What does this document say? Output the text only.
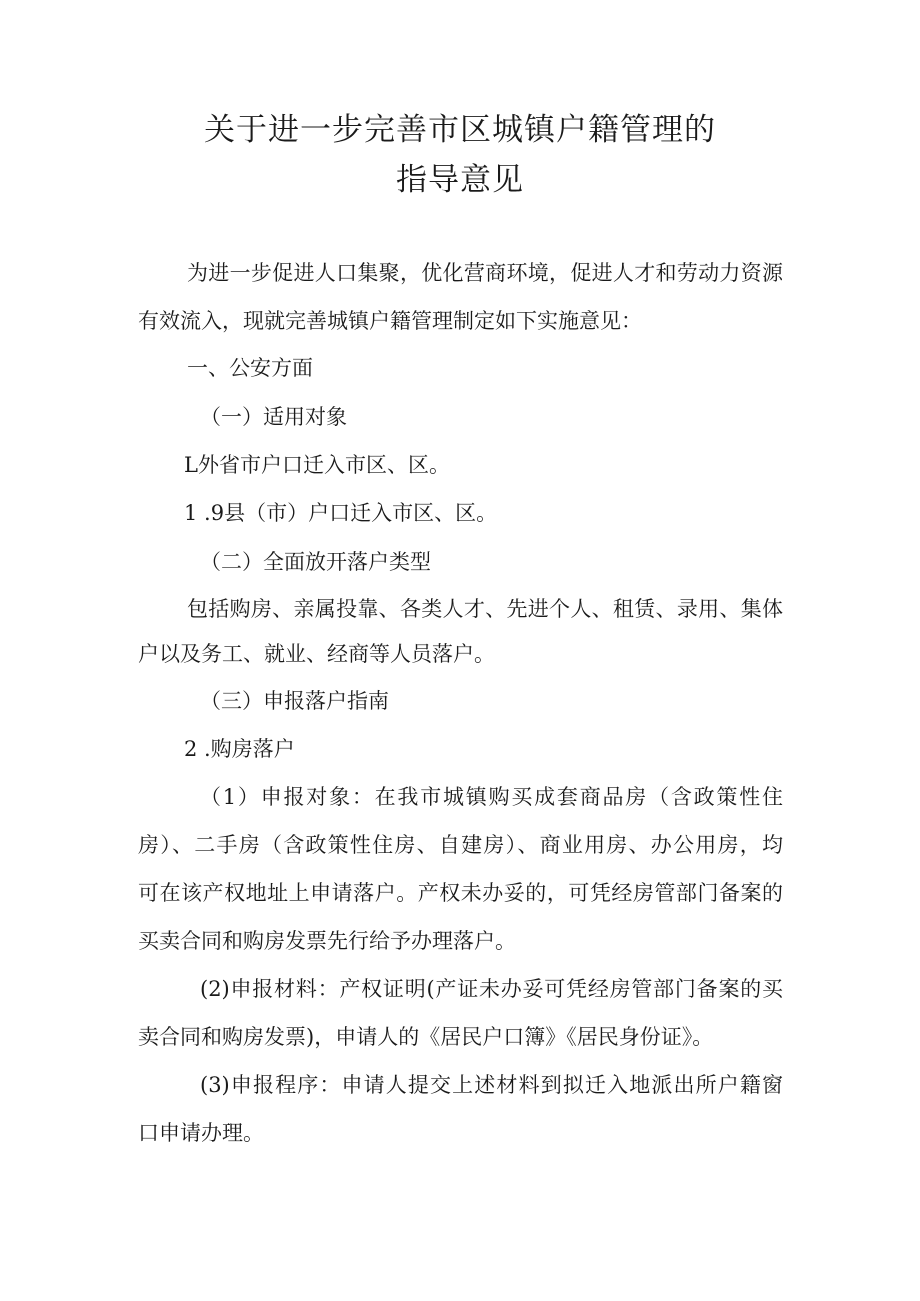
关于进一步完善市区城镇户籍管理的
指导意见
为进一步促进人口集聚，优化营商环境，促进人才和劳动力资源
有效流入，现就完善城镇户籍管理制定如下实施意见：
一、公安方面
（一）适用对象
L外省市户口迁入市区、区。
1 .9县（市）户口迁入市区、区。
（二）全面放开落户类型
包括购房、亲属投靠、各类人才、先进个人、租赁、录用、集体
户以及务工、就业、经商等人员落户。
（三）申报落户指南
2 .购房落户
（1）申报对象：在我市城镇购买成套商品房（含政策性住
房）、二手房（含政策性住房、自建房）、商业用房、办公用房，均
可在该产权地址上申请落户。产权未办妥的，可凭经房管部门备案的
买卖合同和购房发票先行给予办理落户。
(2)申报材料：产权证明(产证未办妥可凭经房管部门备案的买
卖合同和购房发票)，申请人的《居民户口簿》《居民身份证》。
(3)申报程序：申请人提交上述材料到拟迁入地派出所户籍窗
口申请办理。
